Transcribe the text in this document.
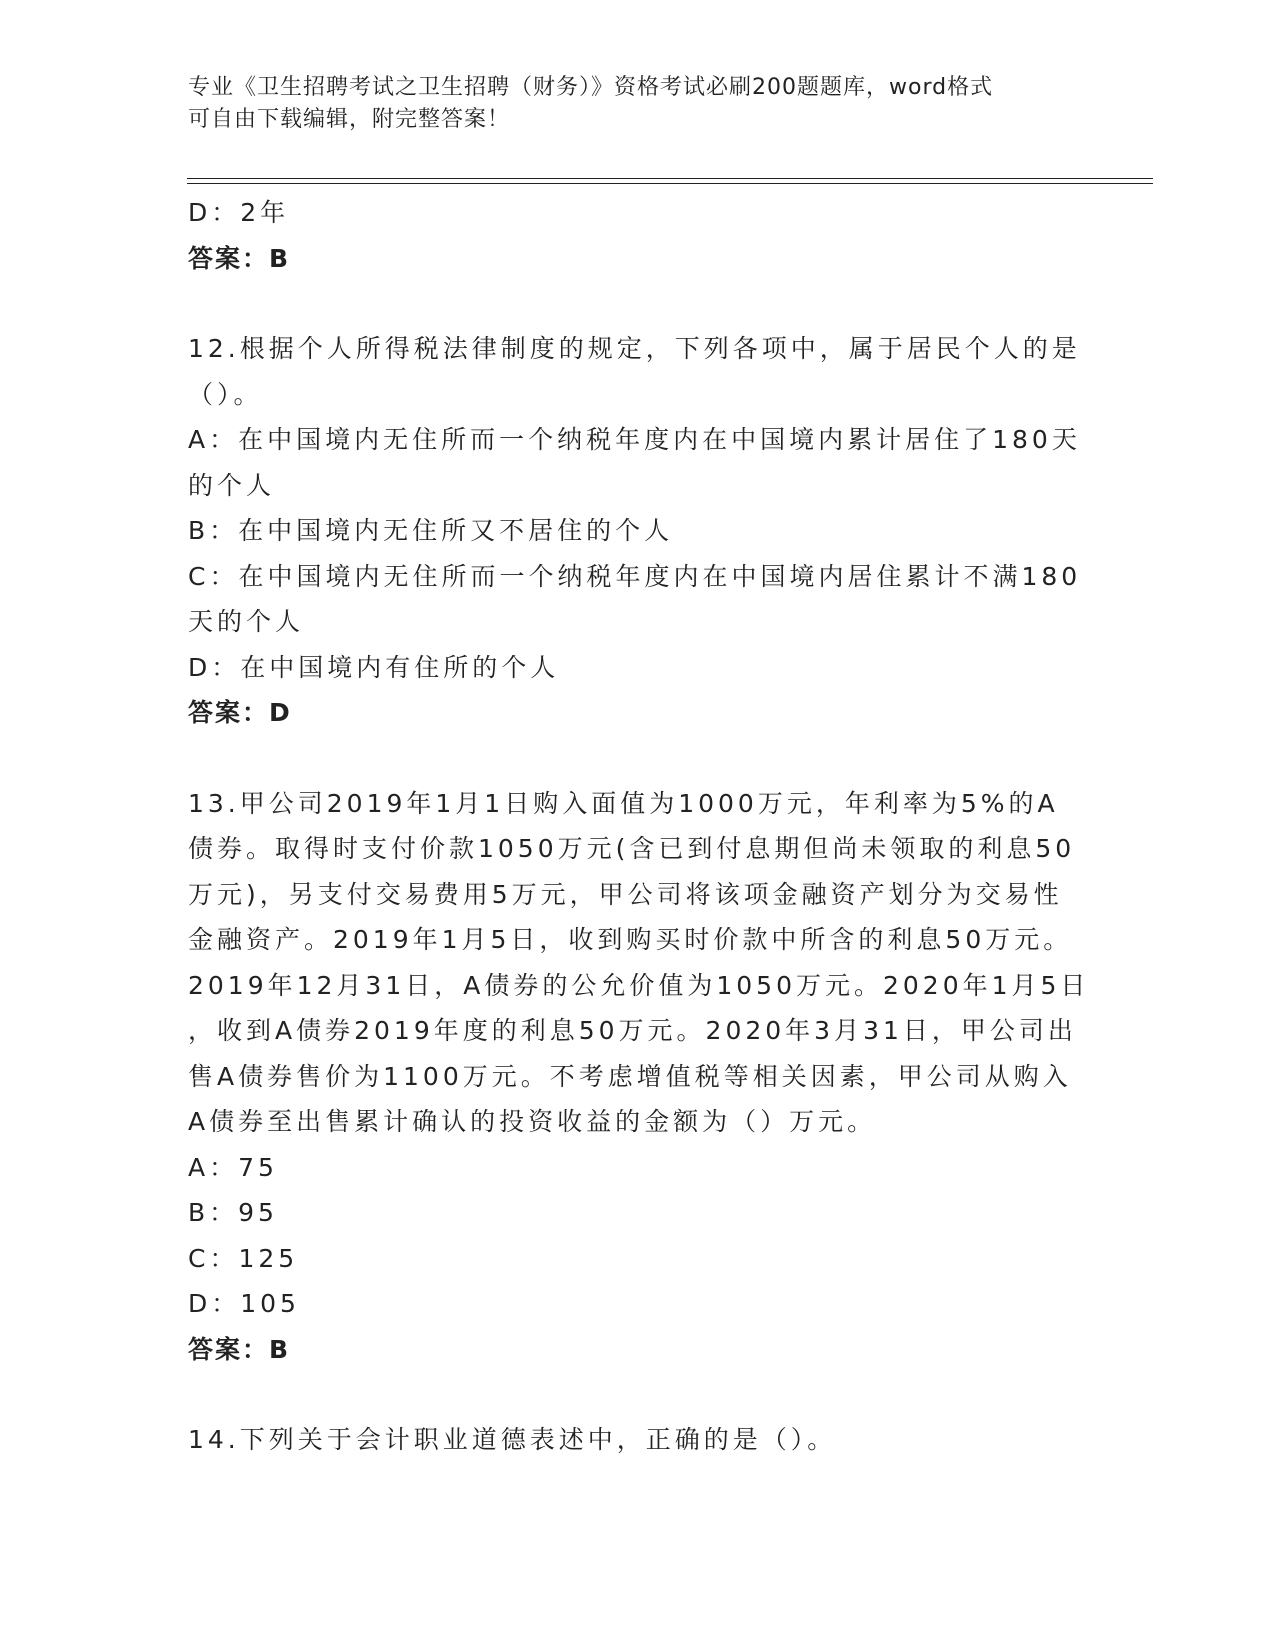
专业《卫生招聘考试之卫生招聘（财务）》资格考试必刷200题题库，word格式
可自由下载编辑，附完整答案！
D：2年
答案：B
12.根据个人所得税法律制度的规定，下列各项中，属于居民个人的是
（）。
A：在中国境内无住所而一个纳税年度内在中国境内累计居住了180天
的个人
B：在中国境内无住所又不居住的个人
C：在中国境内无住所而一个纳税年度内在中国境内居住累计不满180
天的个人
D：在中国境内有住所的个人
答案：D
13.甲公司2019年1月1日购入面值为1000万元，年利率为5%的A
债券。取得时支付价款1050万元(含已到付息期但尚未领取的利息50
万元)，另支付交易费用5万元，甲公司将该项金融资产划分为交易性
金融资产。2019年1月5日，收到购买时价款中所含的利息50万元。
2019年12月31日，A债券的公允价值为1050万元。2020年1月5日
，收到A债券2019年度的利息50万元。2020年3月31日，甲公司出
售A债券售价为1100万元。不考虑增值税等相关因素，甲公司从购入
A债券至出售累计确认的投资收益的金额为（）万元。
A：75
B：95
C：125
D：105
答案：B
14.下列关于会计职业道德表述中，正确的是（）。
